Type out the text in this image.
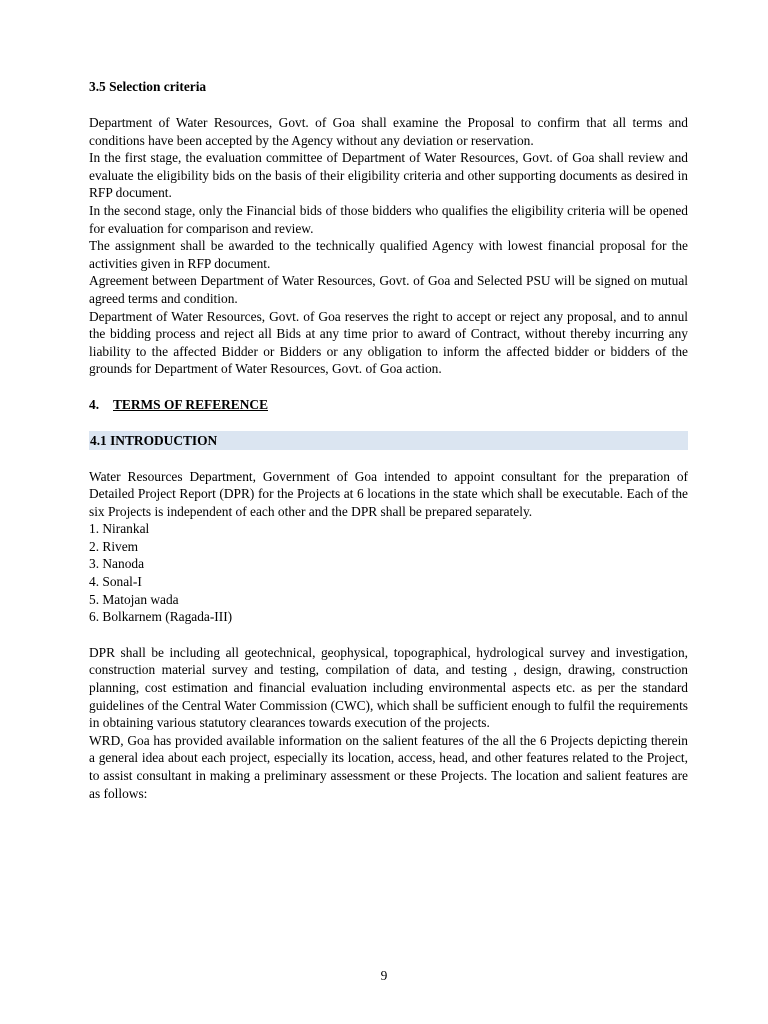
3.5 Selection criteria

Department of Water Resources, Govt. of Goa shall examine the Proposal to confirm that all terms and conditions have been accepted by the Agency without any deviation or reservation.

In the first stage, the evaluation committee of Department of Water Resources, Govt. of Goa shall review and evaluate the eligibility bids on the basis of their eligibility criteria and other supporting documents as desired in RFP document.

In the second stage, only the Financial bids of those bidders who qualifies the eligibility criteria will be opened for evaluation for comparison and review.

The assignment shall be awarded to the technically qualified Agency with lowest financial proposal for the activities given in RFP document.

Agreement between Department of Water Resources, Govt. of Goa and Selected PSU will be signed on mutual agreed terms and condition.

Department of Water Resources, Govt. of Goa reserves the right to accept or reject any proposal, and to annul the bidding process and reject all Bids at any time prior to award of Contract, without thereby incurring any liability to the affected Bidder or Bidders or any obligation to inform the affected bidder or bidders of the grounds for Department of Water Resources, Govt. of Goa action.

4.	TERMS OF REFERENCE

4.1 INTRODUCTION

Water Resources Department, Government of Goa intended to appoint consultant for the preparation of Detailed Project Report (DPR) for the Projects at 6 locations in the state which shall be executable. Each of the six Projects is independent of each other and the DPR shall be prepared separately.

1. Nirankal
2. Rivem
3. Nanoda
4. Sonal-I
5. Matojan wada
6. Bolkarnem (Ragada-III)

DPR shall be including all geotechnical, geophysical, topographical, hydrological survey and investigation, construction material survey and testing, compilation of data, and testing , design, drawing, construction planning, cost estimation and financial evaluation including environmental aspects etc. as per the standard guidelines of the Central Water Commission (CWC), which shall be sufficient enough to fulfil the requirements in obtaining various statutory clearances towards execution of the projects.

WRD, Goa has provided available information on the salient features of the all the 6 Projects depicting therein a general idea about each project, especially its location, access, head, and other features related to the Project, to assist consultant in making a preliminary assessment or these Projects. The location and salient features are as follows:

9
